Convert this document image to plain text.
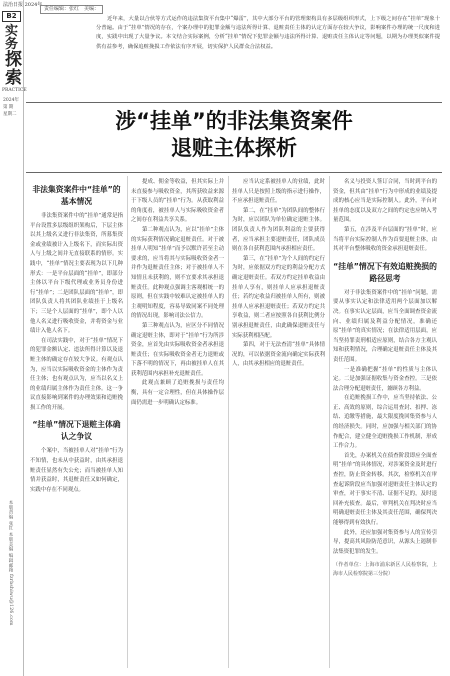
法治日报 2024年
B2
实
务
探
索
PRACTICE
2024年
第 期
星期二
本版责编 张红 本版美编 编辑邮箱 fzrbshiwu@126.com
责任编辑：张红　美编：
近年来，大量以合伙等方式运作的违法集资平台集中“爆雷”，其中大部分平台的管理架构具有多层级组织形式，上下级之间存在“挂单”现象十分普遍。由于“挂单”情况的存在，个案办理中的犯罪金额与违法所得计算、退赃责任主体的认定方面存在较大争议，影响案件办理的统一尺度和进度，实践中出现了大量争议。本文结合实际案例，分析“挂单”情况下犯罪金额与违法所得计算、退赃责任主体认定等问题，以期为办理类似案件提供有益参考，确保追赃挽损工作依法有序开展，切实保护人民群众合法权益。
涉“挂单”的非法集资案件
退赃主体探析
非法集资案件中“挂单”的基本情况

非法集资案件中的“挂单”通常是指平台设置多层级组织架构后，下层主体以其上级名义进行非法集资，所募集资金或业绩被计入上级名下，而实际出资人与上级之间并无直接联系的情形。实践中，“挂单”情况主要表现为以下几种形式：一是平台层面的“挂单”，即部分主体以平台下级代理或业务员身份进行“挂单”；二是团队层面的“挂单”，即团队负责人将其团队业绩挂于上级名下；三是个人层面的“挂单”，即个人以他人名义进行吸收资金，并将资金与业绩计入他人名下。

在司法实践中，对于“挂单”情况下的犯罪金额认定、违法所得计算以及退赃主体的确定存在较大争议。有观点认为，应当以实际吸收资金的主体作为责任主体；也有观点认为，应当以名义上的业绩归属主体作为责任主体。这一争议直接影响到案件的办理效果和追赃挽损工作的开展。

“挂单”情况下退赃主体确认之争议

个案中，当被挂单人对“挂单”行为不知情，也未从中获益时，由其承担退赃责任显然有失公允；而当被挂单人知情并获益时，其退赃责任又如何确定，实践中存在不同观点。

提成、佣金等收益，但其实际上并未直接参与吸收资金，其所获收益来源于下级人员的“挂单”行为。从获取利益的角度看，被挂单人与实际吸收资金者之间存在利益共享关系。

第二种观点认为，应以“挂单”主体的实际获利情况确定退赃责任。对于被挂单人明知“挂单”而予以默许甚至主动要求的，应当将其与实际吸收资金者一并作为退赃责任主体；对于被挂单人不知情且未获利的，则不宜要求其承担退赃责任。此种观点强调主客观相统一的原则，但在实践中较难认定被挂单人的主观明知程度，容易导致同案不同处理的情况出现，影响司法公信力。

第三种观点认为，应区分不同情况确定退赃主体，即对于“挂单”行为所涉资金，应首先由实际吸收资金者承担退赃责任；在实际吸收资金者无力退赃或下落不明的情况下，再由被挂单人在其获利范围内承担补充退赃责任。

此观点兼顾了追赃挽损与责任均衡，具有一定合理性，但在具体操作层面仍需进一步明确认定标准。

应当认定系被挂单人的业绩，此时挂单人只是按照上级的指示进行操作，不应承担退赃责任。

第二，在“挂单”为团队间的整体行为时，应以团队为单位确定退赃主体。团队负责人作为团队利益的主要获得者，应当承担主要退赃责任，团队成员则在各自获利范围内承担相应责任。

第三，在“挂单”为个人间的约定行为时，应依据双方约定的利益分配方式确定退赃责任。若双方约定挂单收益由挂单人享有，则挂单人应承担退赃责任；若约定收益归被挂单人所有，则被挂单人应承担退赃责任；若双方约定共享收益，则二者应按照各自获利比例分别承担退赃责任，由此确保退赃责任与实际获利相匹配。

第四，对于无法查清“挂单”具体情况的，可以依据资金流向确定实际获利人，由其承担相应的退赃责任。

名义与投资人签订合同，当时到平台的资金，但其由“挂单”行为中形成的业绩及提成的核心应当是实际控制人。此外，平台对挂单的态度以及双方之间的约定也应纳入考量范围。

第五，在涉及平台层面的“挂单”时，应当将平台实际控制人作为首要退赃主体，由其对平台整体吸收的资金承担退赃责任。

“挂单”情况下有效追赃挽损的路径思考

对于非法集资案件中的“挂单”问题，需要从事实认定和法律适用两个层面加以解决。在事实认定层面，应当全面调查资金流向、业绩归属及利益分配情况，准确还原“挂单”的真实情况；在法律适用层面，应当坚持罪责刑相适应原则，结合各方主观认知和获利情况，合理确定退赃责任主体及其责任范围。

一是准确把握“挂单”的性质与主体认定。二是加强证据收集与资金查控。三是依法合理分配退赃责任，兼顾各方利益。

在追赃挽损工作中，应当坚持依法、公正、高效的原则，综合运用查封、扣押、冻结、追缴等措施，最大限度挽回集资参与人的经济损失。同时，应加强与相关部门的协作配合，建立健全追赃挽损工作机制，形成工作合力。

首先，办案机关在侦查阶段即应全面查明“挂单”的具体情况，对涉案资金及时进行查控，防止资金转移。其次，检察机关在审查起诉阶段应当加强对退赃责任主体认定的审查，对于事实不清、证据不足的，及时退回补充侦查。最后，审判机关在判决时应当明确退赃责任主体及其责任范围，确保判决能够得到有效执行。

此外，还应加强对集资参与人的宣传引导，提高其风险防范意识，从源头上遏制非法集资犯罪的发生。

（作者单位：上海市浦东新区人民检察院，上海市人民检察院第三分院）
